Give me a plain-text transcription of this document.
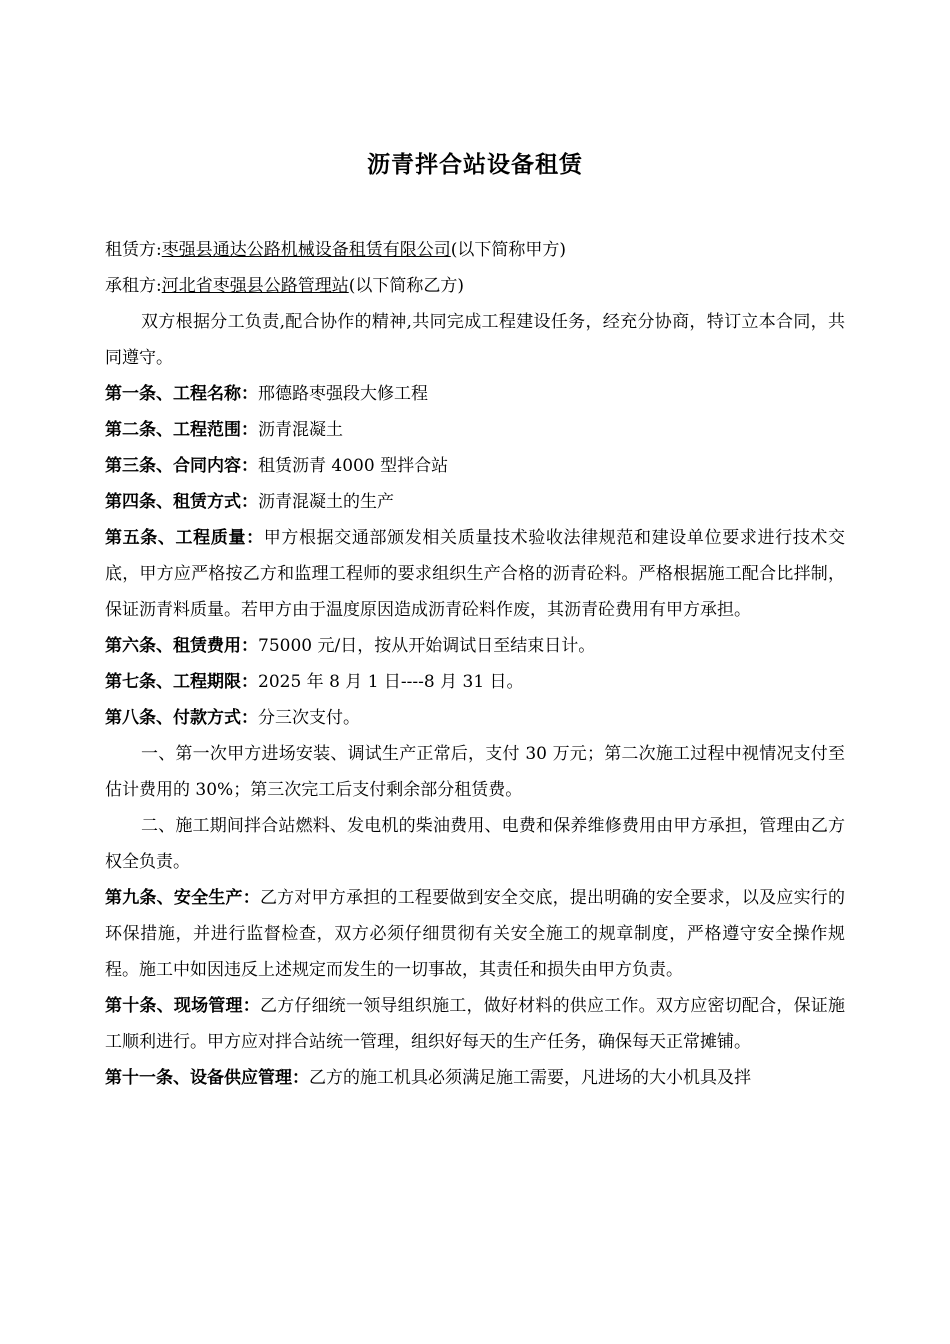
沥青拌合站设备租赁

租赁方:枣强县通达公路机械设备租赁有限公司(以下简称甲方)

承租方:河北省枣强县公路管理站(以下简称乙方)

双方根据分工负责,配合协作的精神,共同完成工程建设任务，经充分协商，特订立本合同，共同遵守。

第一条、工程名称：邢德路枣强段大修工程

第二条、工程范围：沥青混凝土

第三条、合同内容：租赁沥青 4000 型拌合站

第四条、租赁方式：沥青混凝土的生产

第五条、工程质量：甲方根据交通部颁发相关质量技术验收法律规范和建设单位要求进行技术交底，甲方应严格按乙方和监理工程师的要求组织生产合格的沥青砼料。严格根据施工配合比拌制，保证沥青料质量。若甲方由于温度原因造成沥青砼料作废，其沥青砼费用有甲方承担。

第六条、租赁费用：75000 元/日，按从开始调试日至结束日计。

第七条、工程期限：2025 年 8 月 1 日----8 月 31 日。

第八条、付款方式：分三次支付。

一、第一次甲方进场安装、调试生产正常后，支付 30 万元；第二次施工过程中视情况支付至估计费用的 30%；第三次完工后支付剩余部分租赁费。

二、施工期间拌合站燃料、发电机的柴油费用、电费和保养维修费用由甲方承担，管理由乙方权全负责。

第九条、安全生产：乙方对甲方承担的工程要做到安全交底，提出明确的安全要求，以及应实行的环保措施，并进行监督检查，双方必须仔细贯彻有关安全施工的规章制度，严格遵守安全操作规程。施工中如因违反上述规定而发生的一切事故，其责任和损失由甲方负责。

第十条、现场管理：乙方仔细统一领导组织施工，做好材料的供应工作。双方应密切配合，保证施工顺利进行。甲方应对拌合站统一管理，组织好每天的生产任务，确保每天正常摊铺。

第十一条、设备供应管理：乙方的施工机具必须满足施工需要，凡进场的大小机具及拌
